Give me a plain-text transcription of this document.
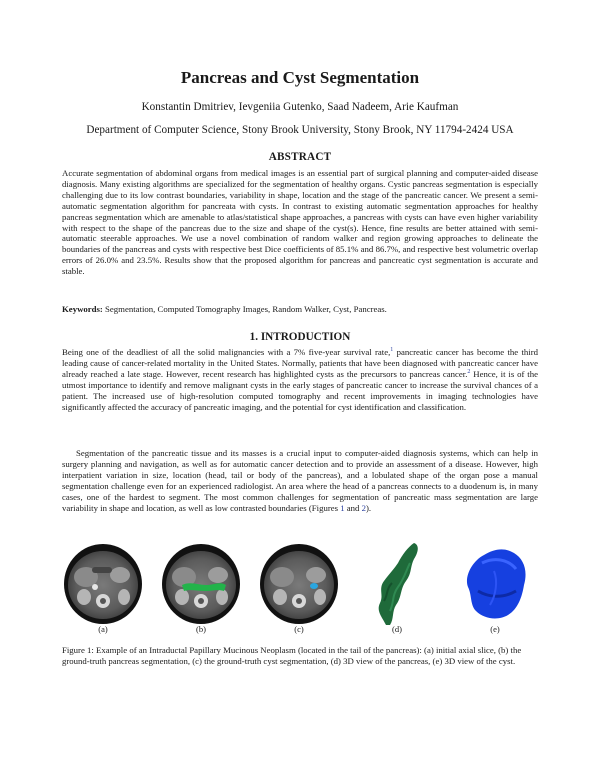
Pancreas and Cyst Segmentation
Konstantin Dmitriev, Ievgeniia Gutenko, Saad Nadeem, Arie Kaufman
Department of Computer Science, Stony Brook University, Stony Brook, NY 11794-2424 USA
ABSTRACT
Accurate segmentation of abdominal organs from medical images is an essential part of surgical planning and computer-aided disease diagnosis. Many existing algorithms are specialized for the segmentation of healthy organs. Cystic pancreas segmentation is especially challenging due to its low contrast boundaries, variability in shape, location and the stage of the pancreatic cancer. We present a semi-automatic segmentation algorithm for pancreata with cysts. In contrast to existing automatic segmentation approaches for healthy pancreas segmentation which are amenable to atlas/statistical shape approaches, a pancreas with cysts can have even higher variability with respect to the shape of the pancreas due to the size and shape of the cyst(s). Hence, fine results are better attained with semi-automatic steerable approaches. We use a novel combination of random walker and region growing approaches to delineate the boundaries of the pancreas and cysts with respective best Dice coefficients of 85.1% and 86.7%, and respective best volumetric overlap errors of 26.0% and 23.5%. Results show that the proposed algorithm for pancreas and pancreatic cyst segmentation is accurate and stable.
Keywords: Segmentation, Computed Tomography Images, Random Walker, Cyst, Pancreas.
1. INTRODUCTION
Being one of the deadliest of all the solid malignancies with a 7% five-year survival rate,$^1$ pancreatic cancer has become the third leading cause of cancer-related mortality in the United States. Normally, patients that have been diagnosed with pancreatic cancer have already reached a late stage. However, recent research has highlighted cysts as the precursors to pancreas cancer.$^2$ Hence, it is of the utmost importance to identify and remove malignant cysts in the early stages of pancreatic cancer to increase the survival chances of a patient. The increased use of high-resolution computed tomography and recent improvements in imaging technologies have significantly affected the accuracy of pancreatic imaging, and the potential for cyst identification and classification.
Segmentation of the pancreatic tissue and its masses is a crucial input to computer-aided diagnosis systems, which can help in surgery planning and navigation, as well as for automatic cancer detection and to provide an assessment of a disease. However, high interpatient variation in size, location (head, tail or body of the pancreas), and a lobulated shape of the organ pose a manual segmentation challenge even for an experienced radiologist. An area where the head of a pancreas connects to a duodenum is, in many cases, one of the hardest to segment. The most common challenges for segmentation of pancreatic mass segmentation are large variability in shape and location, as well as low contrasted boundaries (Figures 1 and 2).
(a)	(b)	(c)	(d)	(e)
Figure 1: Example of an Intraductal Papillary Mucinous Neoplasm (located in the tail of the pancreas): (a) initial axial slice, (b) the ground-truth pancreas segmentation, (c) the ground-truth cyst segmentation, (d) 3D view of the pancreas, (e) 3D view of the cyst.
